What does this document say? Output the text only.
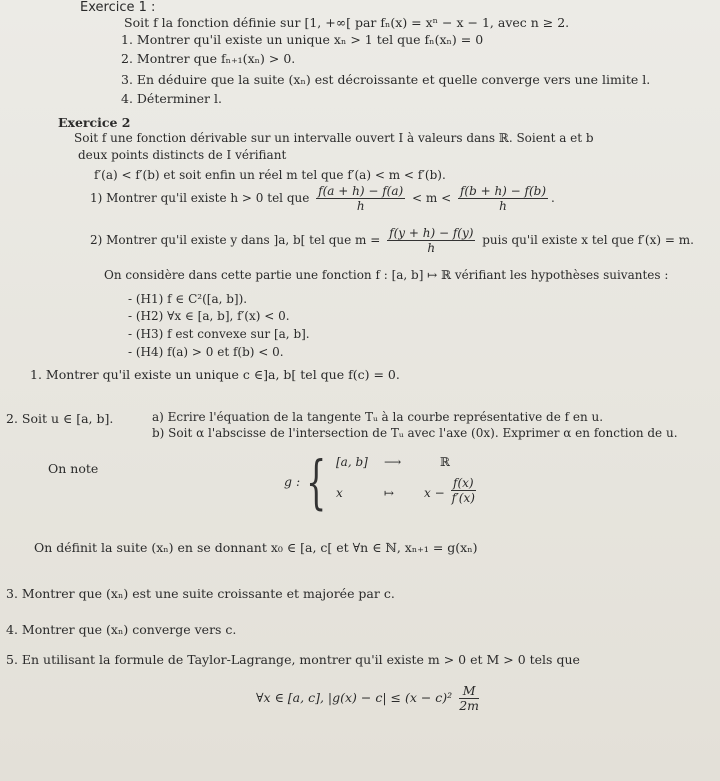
Exercice 1 :
Soit f la fonction définie sur [1, +∞[ par fₙ(x) = xⁿ − x − 1, avec n ≥ 2.
1. Montrer qu'il existe un unique xₙ > 1 tel que fₙ(xₙ) = 0
2. Montrer que fₙ₊₁(xₙ) > 0.
3. En déduire que la suite (xₙ) est décroissante et quelle converge vers une limite l.
4. Déterminer l.
Exercice 2
Soit f une fonction dérivable sur un intervalle ouvert I à valeurs dans ℝ. Soient a et b
deux points distincts de I vérifiant
f′(a) < f′(b) et soit enfin un réel m tel que f′(a) < m < f′(b).
1) Montrer qu'il existe h > 0 tel que $\frac{f(a + h) - f(a)}{h} < m < \frac{f(b + h) - f(b)}{h}$ .
2) Montrer qu'il existe y dans ]a, b[ tel que $m = \frac{f(y + h) - f(y)}{h}$ puis qu'il existe x tel que f′(x) = m.
On considère dans cette partie une fonction f : [a, b] ↦ ℝ vérifiant les hypothèses suivantes :
- (H1) f ∈ C²([a, b]).
- (H2) ∀x ∈ [a, b], f′(x) < 0.
- (H3) f est convexe sur [a, b].
- (H4) f(a) > 0 et f(b) < 0.
1. Montrer qu'il existe un unique c ∈]a, b[ tel que f(c) = 0.
2. Soit u ∈ [a, b].	a) Ecrire l'équation de la tangente Tᵤ à la courbe représentative de f en u.
b) Soit α l'abscisse de l'intersection de Tᵤ avec l'axe (0x). Exprimer α en fonction de u.
On note
g : { [a, b] ⟶	ℝ
x	↦ $x - \frac{f(x)}{f'(x)}$
On définit la suite (xₙ) en se donnant x₀ ∈ [a, c[ et ∀n ∈ ℕ, xₙ₊₁ = g(xₙ)
3. Montrer que (xₙ) est une suite croissante et majorée par c.
4. Montrer que (xₙ) converge vers c.
5. En utilisant la formule de Taylor-Lagrange, montrer qu'il existe m > 0 et M > 0 tels que
∀x ∈ [a, c], $|g(x) - c| \le (x - c)^2 \frac{M}{2m}$
